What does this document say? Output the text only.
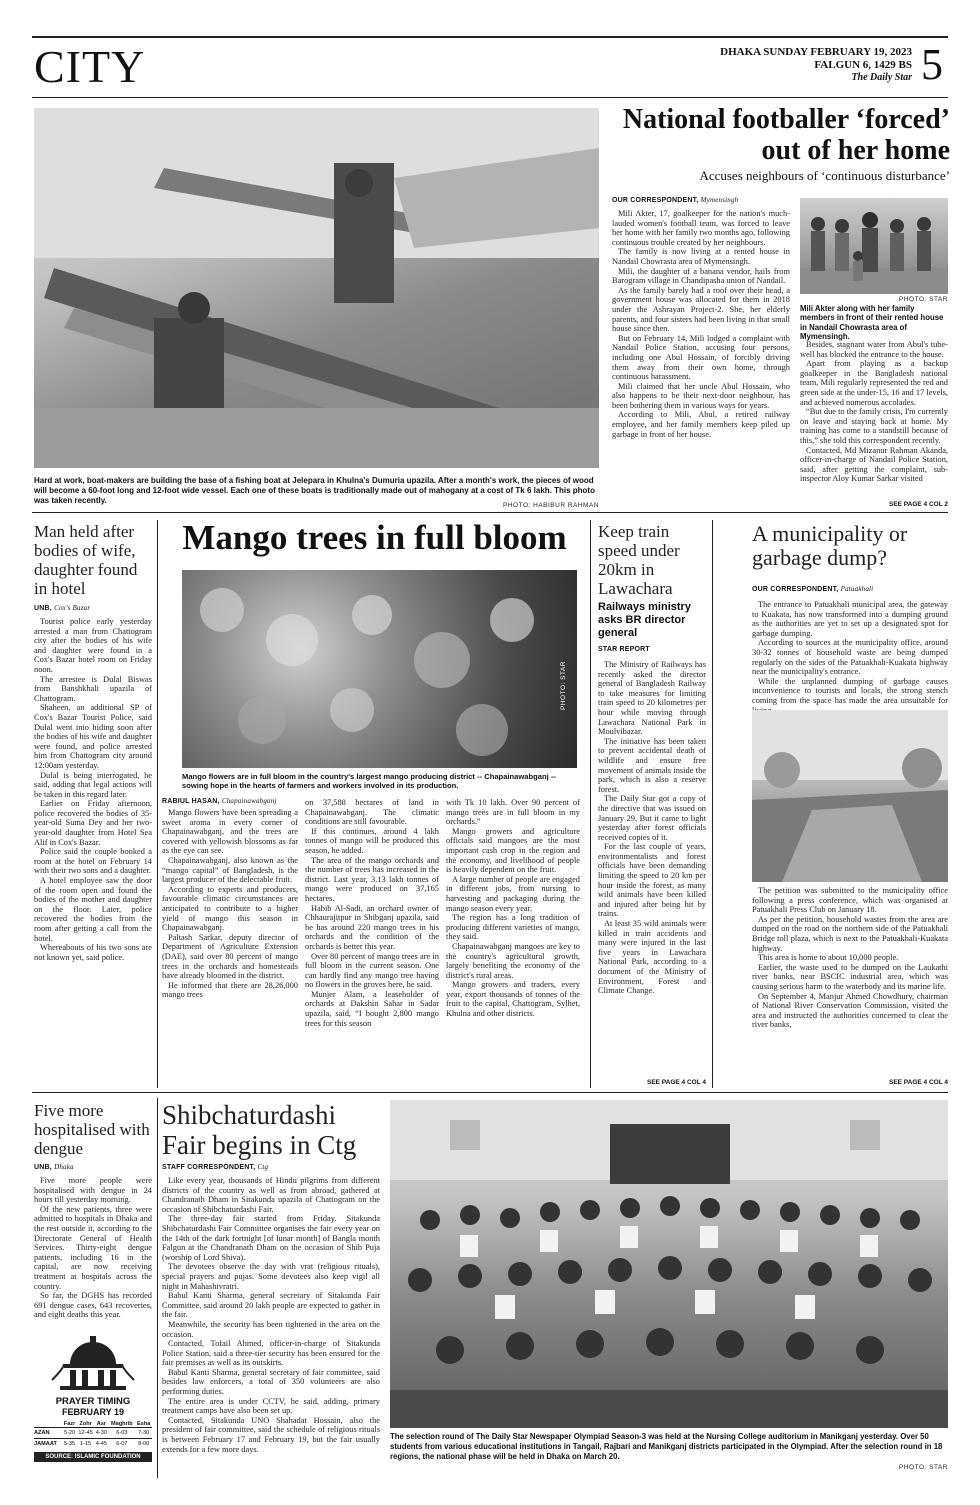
CITY	DHAKA SUNDAY FEBRUARY 19, 2023
FALGUN 6, 1429 BS
The Daily Star 5
Hard at work, boat-makers are building the base of a fishing boat at Jelepara in Khulna's Dumuria upazila. After a month's work, the pieces of wood will become a 60-foot long and 12-foot wide vessel. Each one of these boats is traditionally made out of mahogany at a cost of Tk 6 lakh. This photo was taken recently.
PHOTO: HABIBUR RAHMAN
National footballer ‘forced’ out of her home
Accuses neighbours of ‘continuous disturbance’
OUR CORRESPONDENT, Mymensingh

Mili Akter, 17, goalkeeper for the nation's much-lauded women's football team, was forced to leave her home with her family two months ago, following continuous trouble created by her neighbours.

The family is now living at a rented house in Nandail Chowrasta area of Mymensingh.

Mili, the daughter of a banana vendor, hails from Barogram village in Chandipasha union of Nandail.

As the family barely had a roof over their head, a government house was allocated for them in 2018 under the Ashrayan Project-2. She, her elderly parents, and four sisters had been living in that small house since then.

But on February 14, Mili lodged a complaint with Nandail Police Station, accusing four persons, including one Abul Hossain, of forcibly driving them away from their own home, through continuous harassment.

Mili claimed that her uncle Abul Hossain, who also happens to be their next-door neighbour, has been bothering them in various ways for years.

According to Mili, Abul, a retired railway employee, and her family members keep piled up garbage in front of her house.

PHOTO: STAR
Mili Akter along with her family members in front of their rented house in Nandail Chowrasta area of Mymensingh.

Besides, stagnant water from Abul's tube-well has blocked the entrance to the house.

Apart from playing as a backup goalkeeper in the Bangladesh national team, Mili regularly represented the red and green side at the under-15, 16 and 17 levels, and achieved numerous accolades.

“But due to the family crisis, I'm currently on leave and staying back at home. My training has come to a standstill because of this,” she told this correspondent recently.

Contacted, Md Mizanur Rahman Akanda, officer-in-charge of Nandail Police Station, said, after getting the complaint, sub-inspector Aloy Kumar Sarkar visited

SEE PAGE 4 COL 2
Man held after bodies of wife, daughter found in hotel
UNB, Cox's Bazar

Tourist police early yesterday arrested a man from Chattogram city after the bodies of his wife and daughter were found in a Cox's Bazar hotel room on Friday noon.

The arrestee is Dulal Biswas from Banshkhali upazila of Chattogram.

Shaheen, an additional SP of Cox's Bazar Tourist Police, said Dulal went into hiding soon after the bodies of his wife and daughter were found, and police arrested him from Chattogram city around 12:00am yesterday.

Dulal is being interrogated, he said, adding that legal actions will be taken in this regard later.

Earlier on Friday afternoon, police recovered the bodies of 35-year-old Suma Dey and her two-year-old daughter from Hotel Sea Alif in Cox's Bazar.

Police said the couple booked a room at the hotel on February 14 with their two sons and a daughter.

A hotel employee saw the door of the room open and found the bodies of the mother and daughter on the floor. Later, police recovered the bodies from the room after getting a call from the hotel.

Whereabouts of his two sons are not known yet, said police.

Mango trees in full bloom
PHOTO: STAR
Mango flowers are in full bloom in the country's largest mango producing district -- Chapainawabganj -- sowing hope in the hearts of farmers and workers involved in its production.
RABIUL HASAN, Chapainawabganj

Mango flowers have been spreading a sweet aroma in every corner of Chapainawabganj, and the trees are covered with yellowish blossoms as far as the eye can see.

Chapainawabganj, also known as the “mango capital” of Bangladesh, is the largest producer of the delectable fruit.

According to experts and producers, favourable climatic circumstances are anticipated to contribute to a higher yield of mango this season in Chapainawabganj.

Paltash Sarkar, deputy director of Department of Agriculture Extension (DAE), said over 80 percent of mango trees in the orchards and homesteads have already bloomed in the district.

He informed that there are 28,26,000 mango trees

on 37,588 hectares of land in Chapainawabganj. The climatic conditions are still favourable.

If this continues, around 4 lakh tonnes of mango will be produced this season, he added.

The area of the mango orchards and the number of trees has increased in the district. Last year, 3.13 lakh tonnes of mango were produced on 37,165 hectares.

Habib Al-Sadi, an orchard owner of Chhaurajitpur in Shibganj upazila, said he has around 220 mango trees in his orchards and the condition of the orchards is better this year.

Over 80 percent of mango trees are in full bloom in the current season. One can hardly find any mango tree having no flowers in the groves here, he said.

Munjer Alam, a leaseholder of orchards at Dakshin Sahar in Sadar upazila, said, “I bought 2,800 mango trees for this season

with Tk 10 lakh. Over 90 percent of mango trees are in full bloom in my orchards.”

Mango growers and agriculture officials said mangoes are the most important cash crop in the region and the economy, and livelihood of people is heavily dependent on the fruit.

A large number of people are engaged in different jobs, from nursing to harvesting and packaging during the mango season every year.

The region has a long tradition of producing different varieties of mango, they said.

Chapainawabganj mangoes are key to the country's agricultural growth, largely benefiting the economy of the district's rural areas.

Mango growers and traders, every year, export thousands of tonnes of the fruit to the capital, Chattogram, Sylhet, Khulna and other districts.

Keep train speed under 20km in Lawachara
Railways ministry asks BR director general
STAR REPORT

The Ministry of Railways has recently asked the director general of Bangladesh Railway to take measures for limiting train speed to 20 kilometres per hour while moving through Lawachara National Park in Moulvibazar.

The initiative has been taken to prevent accidental death of wildlife and ensure free movement of animals inside the park, which is also a reserve forest.

The Daily Star got a copy of the directive that was issued on January 29. But it came to light yesterday after forest officials received copies of it.

For the last couple of years, environmentalists and forest officials have been demanding limiting the speed to 20 km per hour inside the forest, as many wild animals have been killed and injured after being hit by trains.

At least 35 wild animals were killed in train accidents and many were injured in the last five years in Lawachara National Park, according to a document of the Ministry of Environment, Forest and Climate Change.

SEE PAGE 4 COL 4
A municipality or garbage dump?
OUR CORRESPONDENT, Patuakhali

The entrance to Patuakhali municipal area, the gateway to Kuakata, has now transformed into a dumping ground as the authorities are yet to set up a designated spot for garbage dumping.

According to sources at the municipality office, around 30-32 tonnes of household waste are being dumped regularly on the sides of the Patuakhali-Kuakata highway near the municipality's entrance.

While the unplanned dumping of garbage causes inconvenience to tourists and locals, the strong stench coming from the space has made the area unsuitable for

The petition was submitted to the municipality office following a press conference, which was organised at Patuakhali Press Club on January 18.

As per the petition, household wastes from the area are dumped on the road on the northern side of the Patuakhali Bridge toll plaza, which is next to the Patuakhali-Kuakata highway.

This area is home to about 10,000 people.

Earlier, the waste used to be dumped on the Laukathi river banks, near BSCIC industrial area, which was causing serious harm to the waterbody and its marine life.

On September 4, Manjur Ahmed Chowdhury, chairman of National River Conservation Commission, visited the area and instructed the authorities concerned to clear the river banks,

SEE PAGE 4 COL 4
Five more hospitalised with dengue
UNB, Dhaka

Five more people were hospitalised with dengue in 24 hours till yesterday morning.

Of the new patients, three were admitted to hospitals in Dhaka and the rest outside it, according to the Directorate General of Health Services. Thirty-eight dengue patients, including 16 in the capital, are now receiving treatment at hospitals across the country.

So far, the DGHS has recorded 691 dengue cases, 643 recoveries, and eight deaths this year.

PRAYER TIMING
FEBRUARY 19
	Fazr	Zohr	Asr	Maghrib	Esha
AZAN	5-20	12-45	4-30	6-03	7-30
JAMAAT	5-35	1-15	4-45	6-07	8-00
SOURCE: ISLAMIC FOUNDATION
Shibchaturdashi Fair begins in Ctg
STAFF CORRESPONDENT, Ctg

Like every year, thousands of Hindu pilgrims from different districts of the country as well as from abroad, gathered at Chandranath Dham in Sitakunda upazila of Chattogram on the occasion of Shibchaturdashi Fair.

The three-day fair started from Friday. Sitakunda Shibchaturdashi Fair Committee organises the fair every year on the 14th of the dark fortnight [of lunar month] of Bangla month Falgun at the Chandranath Dham on the occasion of Shib Puja (worship of Lord Shiva).

The devotees observe the day with vrat (religious rituals), special prayers and pujas. Some devotees also keep vigil all night in Mahashivratri.

Babul Kanti Sharma, general secretary of Sitakunda Fair Committee, said around 20 lakh people are expected to gather in the fair.

Meanwhile, the security has been tightened in the area on the occasion.

Contacted, Tofail Ahmed, officer-in-charge of Sitakunda Police Station, said a three-tier security has been ensured for the fair premises as well as its outskirts.

Babul Kanti Sharma, general secretary of fair committee, said besides law enforcers, a total of 350 volunteers are also performing duties.

The entire area is under CCTV, he said, adding, primary treatment camps have also been set up.

Contacted, Sitakunda UNO Shahadat Hossain, also the president of fair committee, said the schedule of religious rituals is between February 17 and February 19, but the fair usually extends for a few more days.

The selection round of The Daily Star Newspaper Olympiad Season-3 was held at the Nursing College auditorium in Manikganj yesterday. Over 50 students from various educational institutions in Tangail, Rajbari and Manikganj districts participated in the Olympiad. After the selection round in 18 regions, the national phase will be held in Dhaka on March 20.
PHOTO: STAR
